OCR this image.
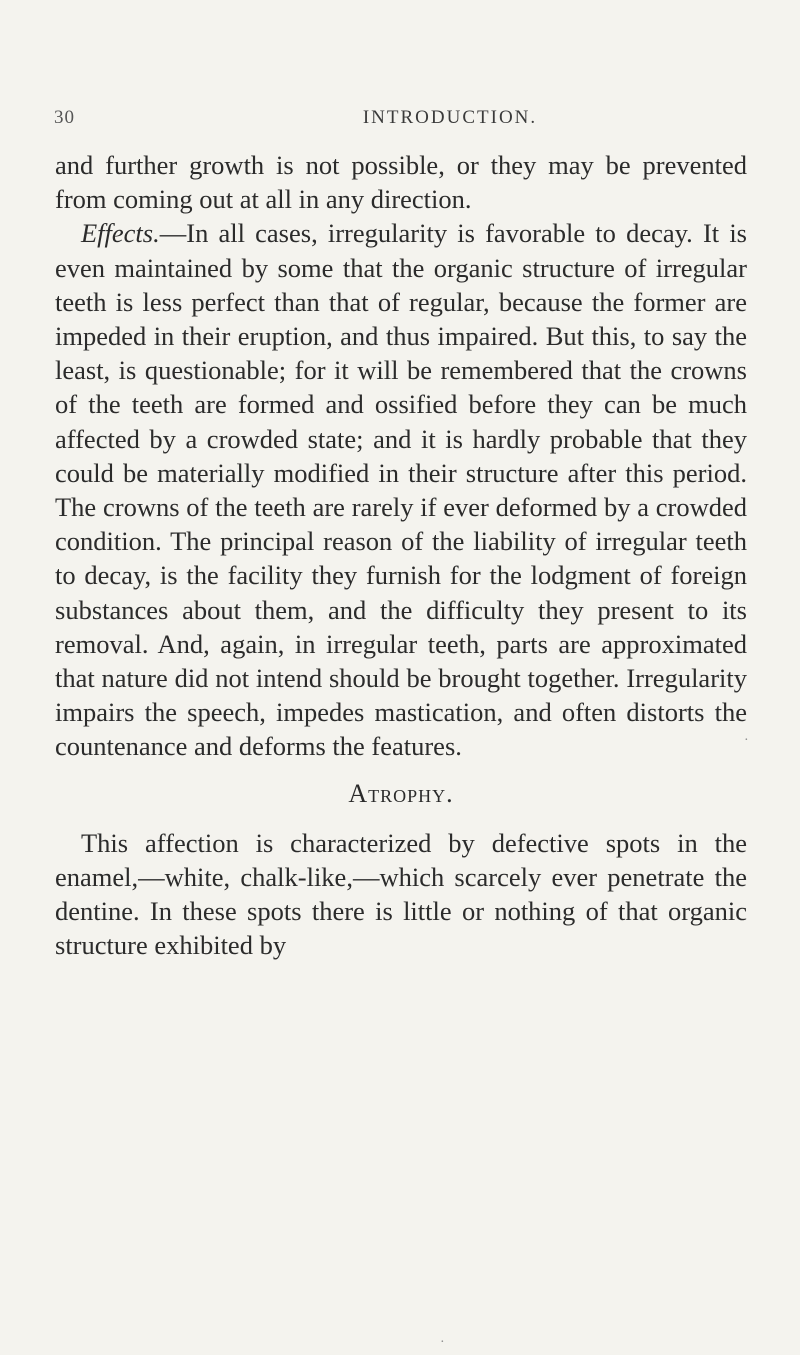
30	INTRODUCTION.

and further growth is not possible, or they may be prevented from coming out at all in any direction.

Effects.—In all cases, irregularity is favorable to decay. It is even maintained by some that the organic structure of irregular teeth is less perfect than that of regular, because the former are impeded in their eruption, and thus impaired. But this, to say the least, is questionable; for it will be remembered that the crowns of the teeth are formed and ossified before they can be much affected by a crowded state; and it is hardly probable that they could be materially modified in their structure after this period. The crowns of the teeth are rarely if ever deformed by a crowded condition. The principal reason of the liability of irregular teeth to decay, is the facility they furnish for the lodgment of foreign substances about them, and the difficulty they present to its removal. And, again, in irregular teeth, parts are approximated that nature did not intend should be brought together. Irregularity impairs the speech, impedes mastication, and often distorts the countenance and deforms the features.

Atrophy.

This affection is characterized by defective spots in the enamel,—white, chalk-like,—which scarcely ever penetrate the dentine. In these spots there is little or nothing of that organic structure exhibited by

·
·
